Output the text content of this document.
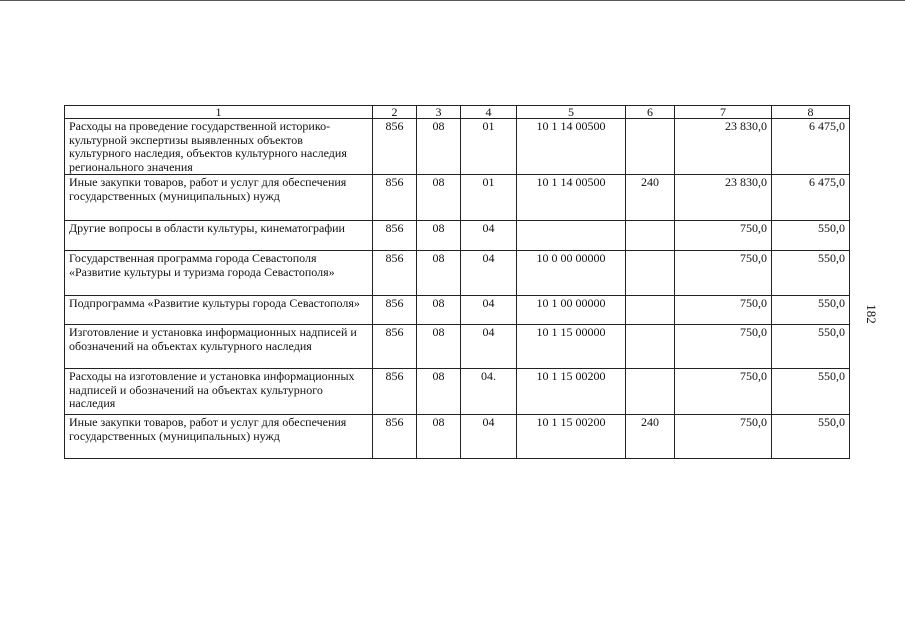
182
1	2	3	4	5	6	7	8
Расходы на проведение государственной историко-культурной экспертизы выявленных объектов культурного наследия, объектов культурного наследия регионального значения	856	08	01	10 1 14 00500		23 830,0	6 475,0
Иные закупки товаров, работ и услуг для обеспечения государственных (муниципальных) нужд	856	08	01	10 1 14 00500	240	23 830,0	6 475,0
Другие вопросы в области культуры, кинематографии	856	08	04			750,0	550,0
Государственная программа города Севастополя «Развитие культуры и туризма города Севастополя»	856	08	04	10 0 00 00000		750,0	550,0
Подпрограмма «Развитие культуры города Севастополя»	856	08	04	10 1 00 00000		750,0	550,0
Изготовление и установка информационных надписей и обозначений на объектах культурного наследия	856	08	04	10 1 15 00000		750,0	550,0
Расходы на изготовление и установка информационных надписей и обозначений на объектах культурного наследия	856	08	04.	10 1 15 00200		750,0	550,0
Иные закупки товаров, работ и услуг для обеспечения государственных (муниципальных) нужд	856	08	04	10 1 15 00200	240	750,0	550,0
